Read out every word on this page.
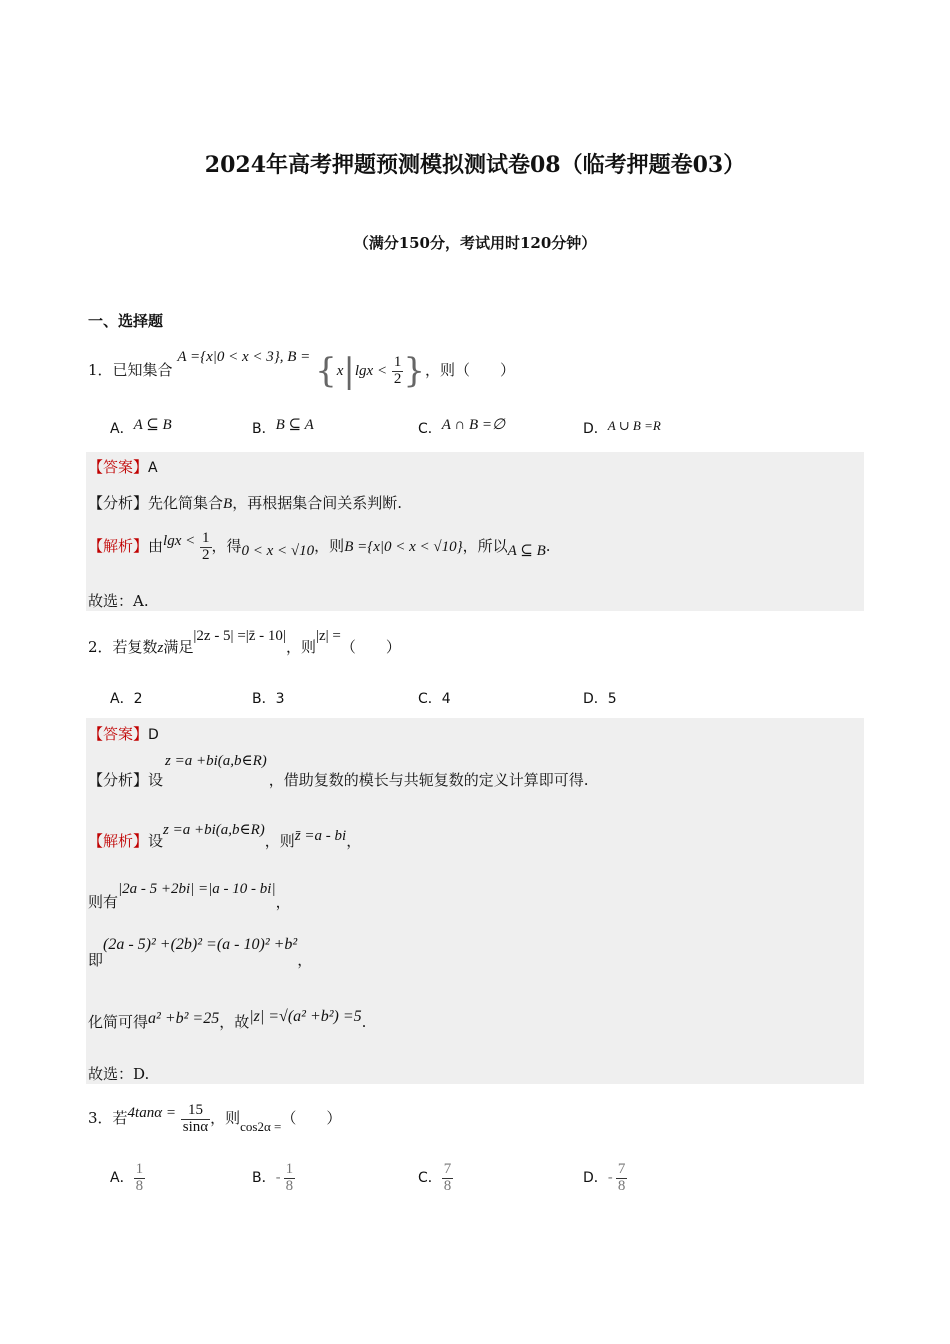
2024年高考押题预测模拟测试卷08（临考押题卷03）
（满分150分，考试用时120分钟）
一、选择题
1．已知集合 A ={x|0 < x < 3}, $B = \{x|\lg x < \frac{1}{2}$ }，则（　　）
A．A ⊆ B	B．B ⊆ A	C．A ∩ B =∅	D．A ∪ B =R
【答案】A
【分析】先化简集合B，再根据集合间关系判断.
【解析】由$\lg x < \frac{1}{2}$ ，得0 < x < √10，则B ={x|0 < x < √10}，所以A ⊆ B.
故选：A.
2．若复数z满足|2z - 5| =|z̄ - 10|，则|z| =（　　）
A．2	B．3	C．4	D．5
【答案】D
【分析】设z =a +bi(a,b∈R)，借助复数的模长与共轭复数的定义计算即可得.
【解析】设z =a +bi(a,b∈R)，则z̄ =a - bi，
则有|2a - 5 +2bi| =|a - 10 - bi|，
即(2a - 5)² +(2b)² =(a - 10)² +b²，
化简可得a² +b² =25，故|z| =√(a² +b²) =5.
故选：D.
3．若$4\tan\alpha = \frac{15}{\sin\alpha}$ ，则cos2α =（　　）
A． $\frac{1}{8}$	B．- $\frac{1}{8}$	C． $\frac{7}{8}$	D．- $\frac{7}{8}$
